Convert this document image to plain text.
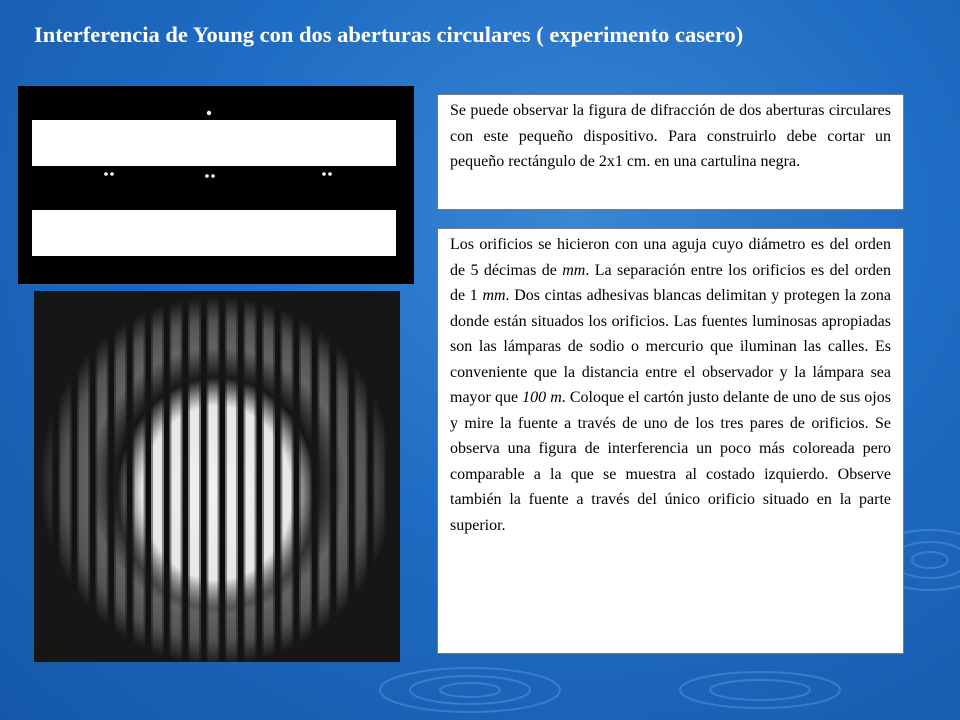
Interferencia de Young con dos aberturas circulares ( experimento casero)
Se puede observar la figura de difracción de dos aberturas circulares con este pequeño dispositivo. Para construirlo debe cortar un pequeño rectángulo de 2x1 cm. en una cartulina negra.
Los orificios se hicieron con una aguja cuyo diámetro es del orden de 5 décimas de mm. La separación entre los orificios es del orden de 1 mm. Dos cintas adhesivas blancas delimitan y protegen la zona donde están situados los orificios. Las fuentes luminosas apropiadas son las lámparas de sodio o mercurio que iluminan las calles. Es conveniente que la distancia entre el observador y la lámpara sea mayor que 100 m. Coloque el cartón justo delante de uno de sus ojos y mire la fuente a través de uno de los tres pares de orificios. Se observa una figura de interferencia un poco más coloreada pero comparable a la que se muestra al costado izquierdo. Observe también la fuente a través del único orificio situado en la parte superior.
